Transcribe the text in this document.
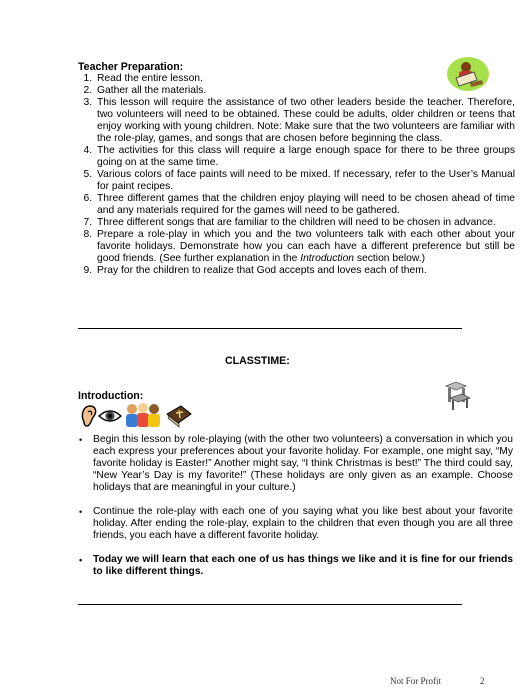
Teacher Preparation:
1. Read the entire lesson.
2. Gather all the materials.
3. This lesson will require the assistance of two other leaders beside the teacher. Therefore, two volunteers will need to be obtained. These could be adults, older children or teens that enjoy working with young children. Note: Make sure that the two volunteers are familiar with the role-play, games, and songs that are chosen before beginning the class.
4. The activities for this class will require a large enough space for there to be three groups going on at the same time.
5. Various colors of face paints will need to be mixed. If necessary, refer to the User’s Manual for paint recipes.
6. Three different games that the children enjoy playing will need to be chosen ahead of time and any materials required for the games will need to be gathered.
7. Three different songs that are familiar to the children will need to be chosen in advance.
8. Prepare a role-play in which you and the two volunteers talk with each other about your favorite holidays. Demonstrate how you can each have a different preference but still be good friends. (See further explanation in the Introduction section below.)
9. Pray for the children to realize that God accepts and loves each of them.
CLASSTIME:
Introduction:
• Begin this lesson by role-playing (with the other two volunteers) a conversation in which you each express your preferences about your favorite holiday. For example, one might say, “My favorite holiday is Easter!” Another might say, “I think Christmas is best!” The third could say, “New Year’s Day is my favorite!” (These holidays are only given as an example. Choose holidays that are meaningful in your culture.)
• Continue the role-play with each one of you saying what you like best about your favorite holiday. After ending the role-play, explain to the children that even though you are all three friends, you each have a different favorite holiday.
• Today we will learn that each one of us has things we like and it is fine for our friends to like different things.
Not For Profit	2
